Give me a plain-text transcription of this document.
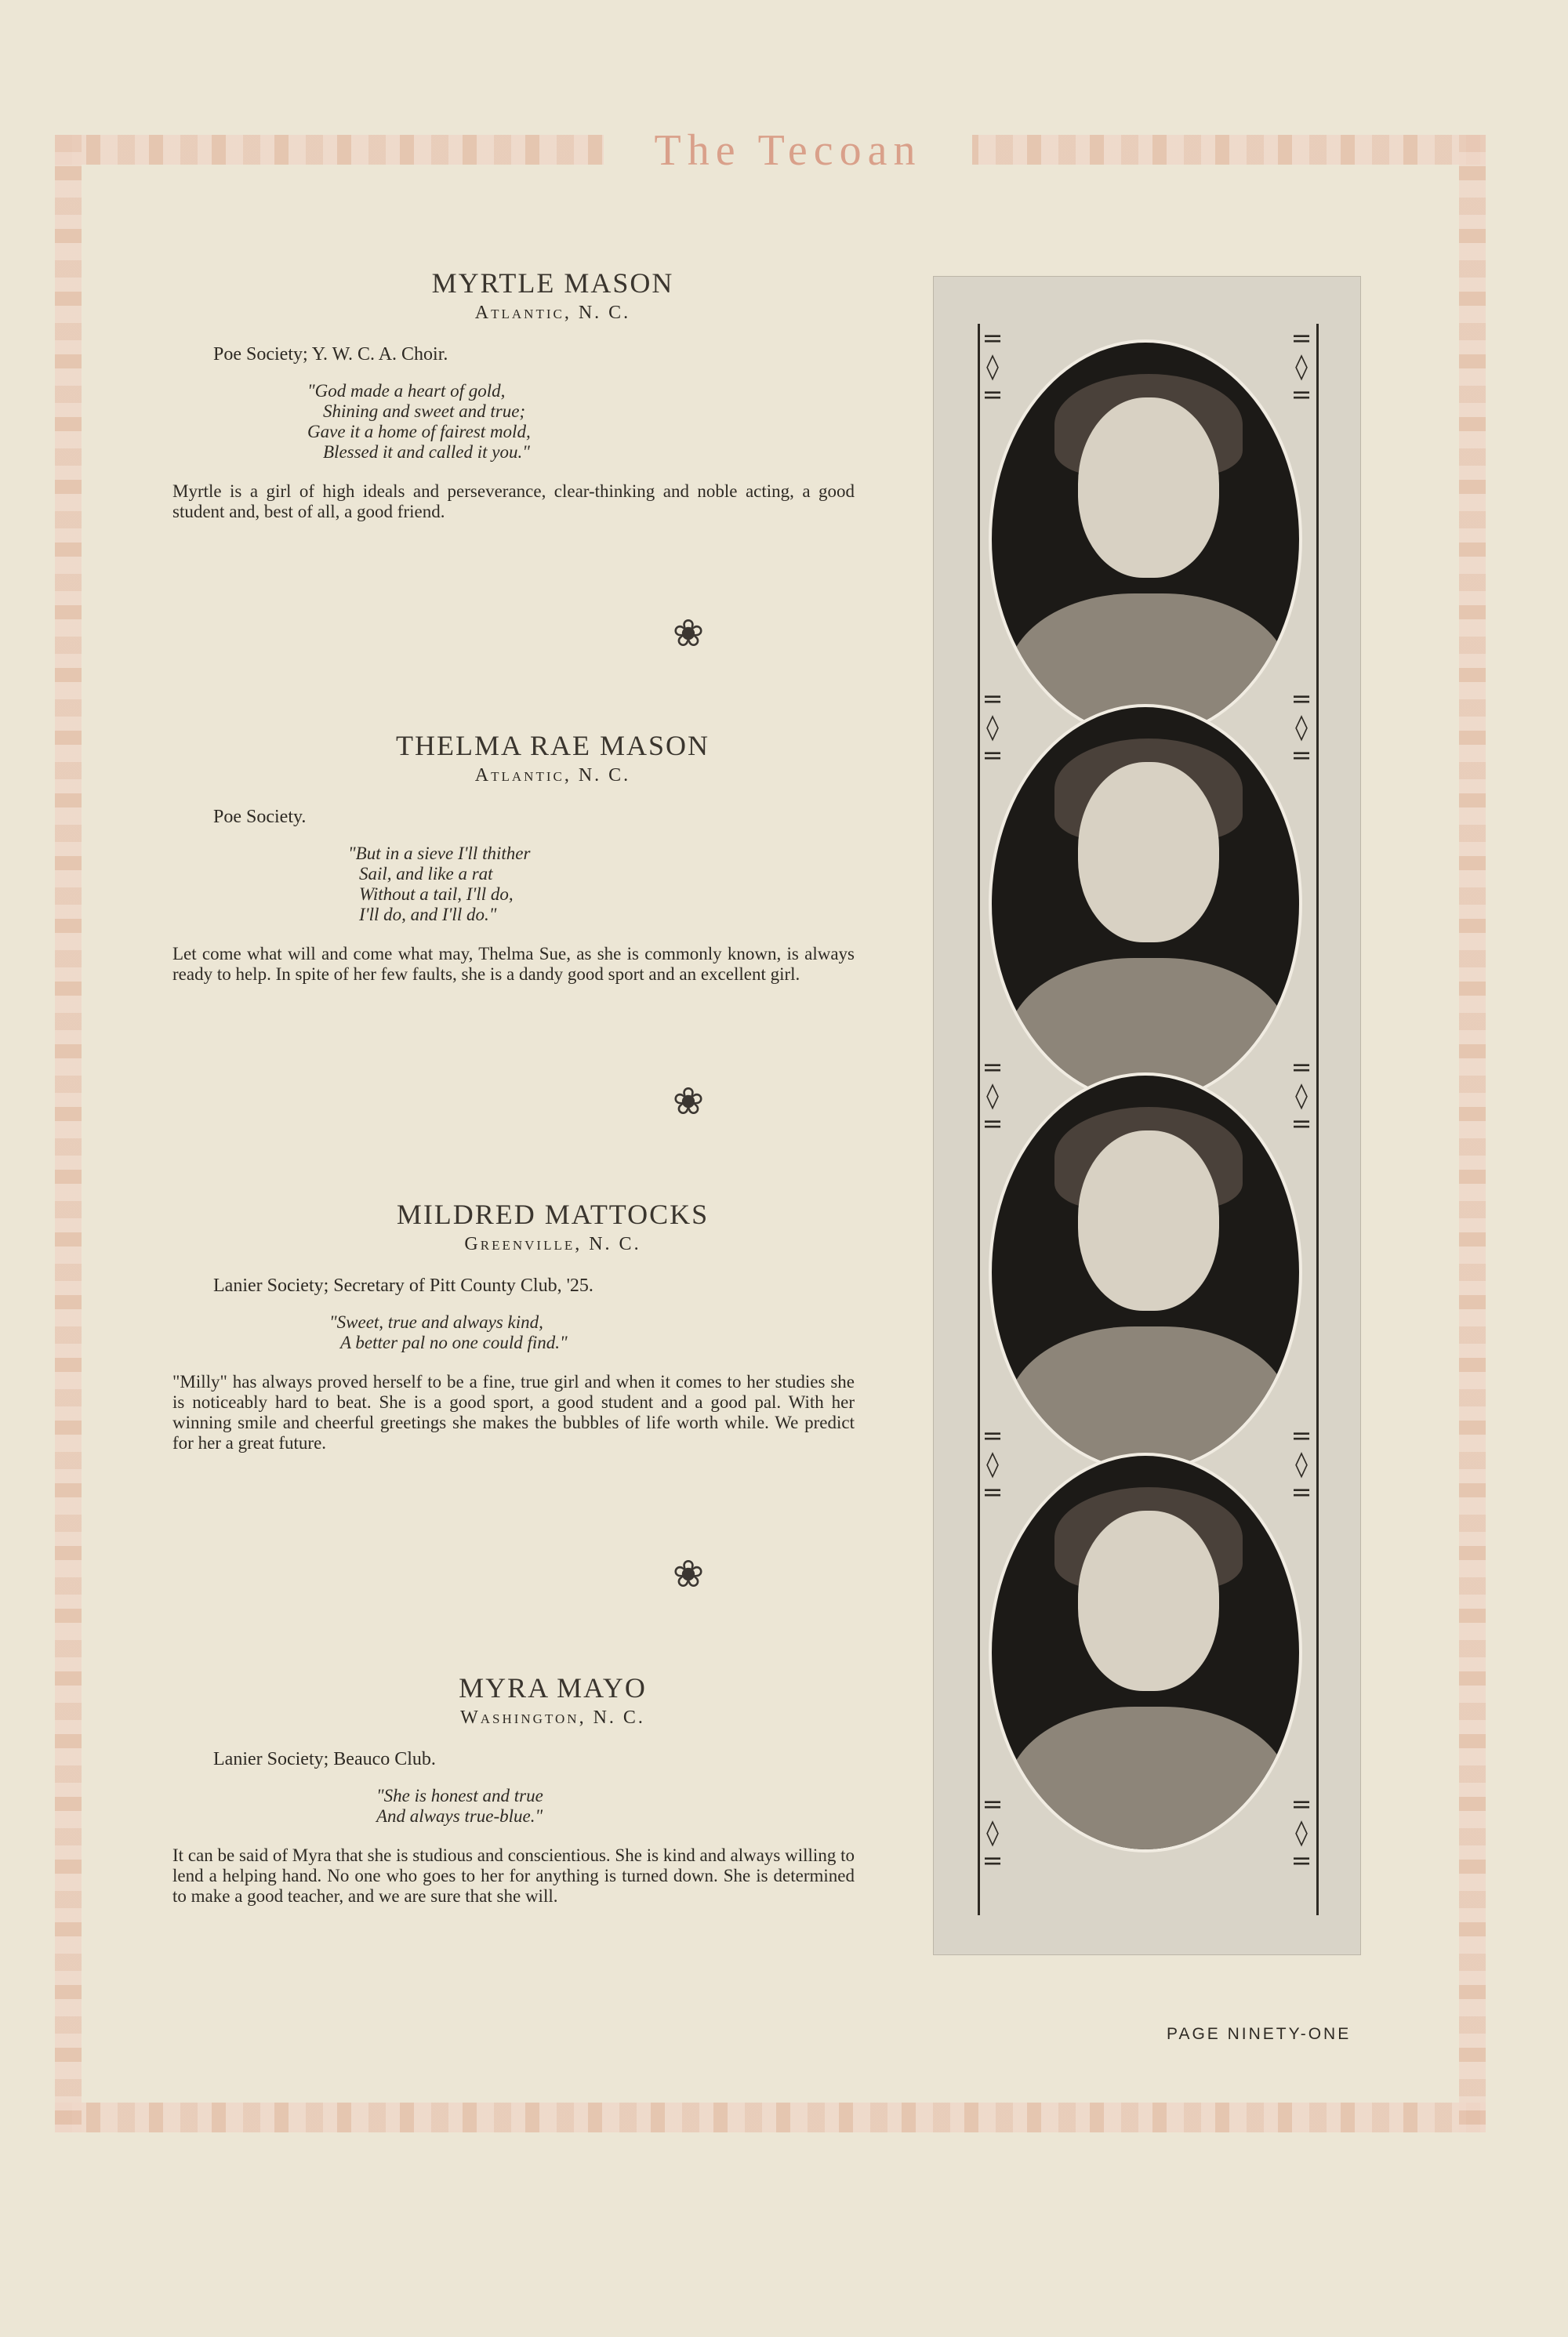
The Tecoan
MYRTLE MASON
Atlantic, N. C.
Poe Society; Y. W. C. A. Choir.
"God made a heart of gold,
Shining and sweet and true;
Gave it a home of fairest mold,
Blessed it and called it you."
Myrtle is a girl of high ideals and perseverance, clear-thinking and noble acting, a good student and, best of all, a good friend.
❀
THELMA RAE MASON
Atlantic, N. C.
Poe Society.
"But in a sieve I'll thither
Sail, and like a rat
Without a tail, I'll do,
I'll do, and I'll do."
Let come what will and come what may, Thelma Sue, as she is commonly known, is always ready to help. In spite of her few faults, she is a dandy good sport and an excellent girl.
❀
MILDRED MATTOCKS
Greenville, N. C.
Lanier Society; Secretary of Pitt County Club, '25.
"Sweet, true and always kind,
A better pal no one could find."
"Milly" has always proved herself to be a fine, true girl and when it comes to her studies she is noticeably hard to beat. She is a good sport, a good student and a good pal. With her winning smile and cheerful greetings she makes the bubbles of life worth while. We predict for her a great future.
❀
MYRA MAYO
Washington, N. C.
Lanier Society; Beauco Club.
"She is honest and true
And always true-blue."
It can be said of Myra that she is studious and conscientious. She is kind and always willing to lend a helping hand. No one who goes to her for anything is turned down. She is determined to make a good teacher, and we are sure that she will.
=
◊
=
=
◊
=
=
◊
=
=
◊
=
=
◊
=
=
◊
=
=
◊
=
=
◊
=
=
◊
=
=
◊
=
PAGE NINETY-ONE
